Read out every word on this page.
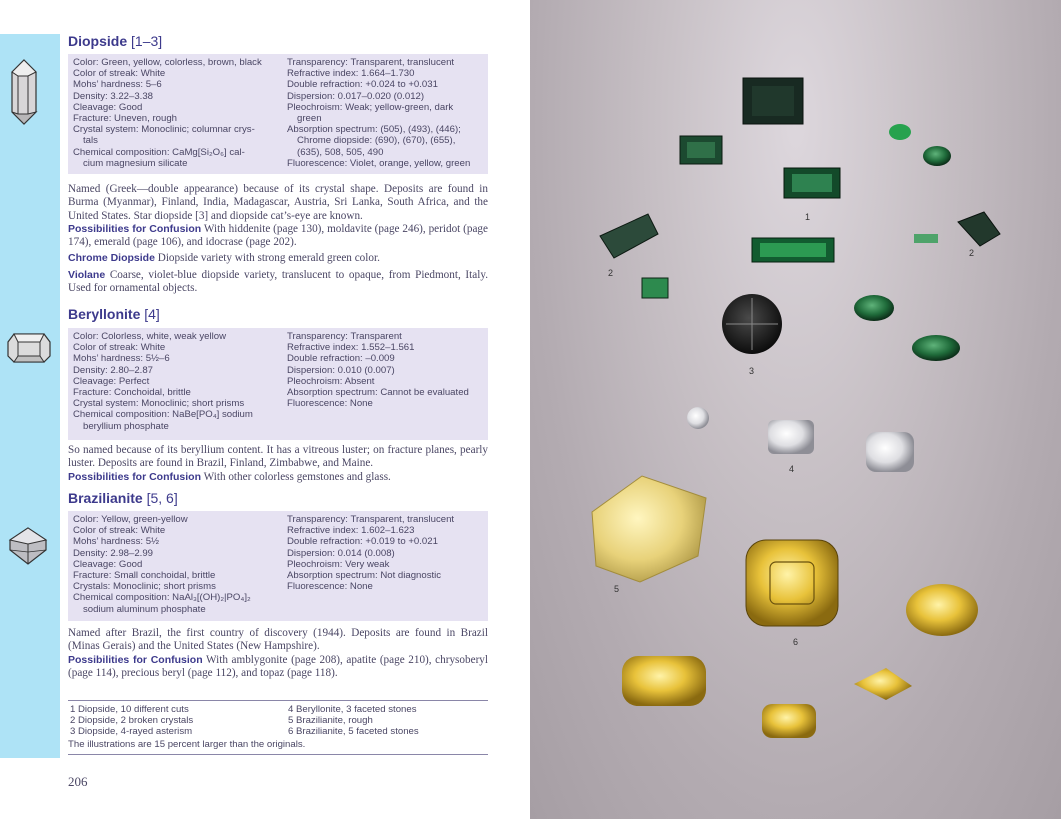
Diopside [1–3]
Color: Green, yellow, colorless, brown, black
Color of streak: White
Mohs’ hardness: 5–6
Density: 3.22–3.38
Cleavage: Good
Fracture: Uneven, rough
Crystal system: Monoclinic; columnar crys-
tals
Chemical composition: CaMg[Si₂O₆] cal-
cium magnesium silicate
Transparency: Transparent, translucent
Refractive index: 1.664–1.730
Double refraction: +0.024 to +0.031
Dispersion: 0.017–0.020 (0.012)
Pleochroism: Weak; yellow-green, dark
green
Absorption spectrum: (505), (493), (446);
Chrome diopside: (690), (670), (655),
(635), 508, 505, 490
Fluorescence: Violet, orange, yellow, green
Named (Greek—double appearance) because of its crystal shape. Deposits are found in Burma (Myanmar), Finland, India, Madagascar, Austria, Sri Lanka, South Africa, and the United States. Star diopside [3] and diopside cat’s-eye are known.
Possibilities for Confusion With hiddenite (page 130), moldavite (page 246), peridot (page 174), emerald (page 106), and idocrase (page 202).
Chrome Diopside Diopside variety with strong emerald green color.
Violane Coarse, violet-blue diopside variety, translucent to opaque, from Piedmont, Italy. Used for ornamental objects.
Beryllonite [4]
Color: Colorless, white, weak yellow
Color of streak: White
Mohs’ hardness: 5½–6
Density: 2.80–2.87
Cleavage: Perfect
Fracture: Conchoidal, brittle
Crystal system: Monoclinic; short prisms
Chemical composition: NaBe[PO₄] sodium
beryllium phosphate
Transparency: Transparent
Refractive index: 1.552–1.561
Double refraction: –0.009
Dispersion: 0.010 (0.007)
Pleochroism: Absent
Absorption spectrum: Cannot be evaluated
Fluorescence: None
So named because of its beryllium content. It has a vitreous luster; on fracture planes, pearly luster. Deposits are found in Brazil, Finland, Zimbabwe, and Maine.
Possibilities for Confusion With other colorless gemstones and glass.
Brazilianite [5, 6]
Color: Yellow, green-yellow
Color of streak: White
Mohs’ hardness: 5½
Density: 2.98–2.99
Cleavage: Good
Fracture: Small conchoidal, brittle
Crystals: Monoclinic; short prisms
Chemical composition: NaAl₃[(OH)₂|PO₄]₂
sodium aluminum phosphate
Transparency: Transparent, translucent
Refractive index: 1.602–1.623
Double refraction: +0.019 to +0.021
Dispersion: 0.014 (0.008)
Pleochroism: Very weak
Absorption spectrum: Not diagnostic
Fluorescence: None
Named after Brazil, the first country of discovery (1944). Deposits are found in Brazil (Minas Gerais) and the United States (New Hampshire).
Possibilities for Confusion With amblygonite (page 208), apatite (page 210), chrysoberyl (page 114), precious beryl (page 112), and topaz (page 118).
1 Diopside, 10 different cuts
2 Diopside, 2 broken crystals
3 Diopside, 4-rayed asterism
4 Beryllonite, 3 faceted stones
5 Brazilianite, rough
6 Brazilianite, 5 faceted stones
The illustrations are 15 percent larger than the originals.
206
1
2
2
3
4
5
6
